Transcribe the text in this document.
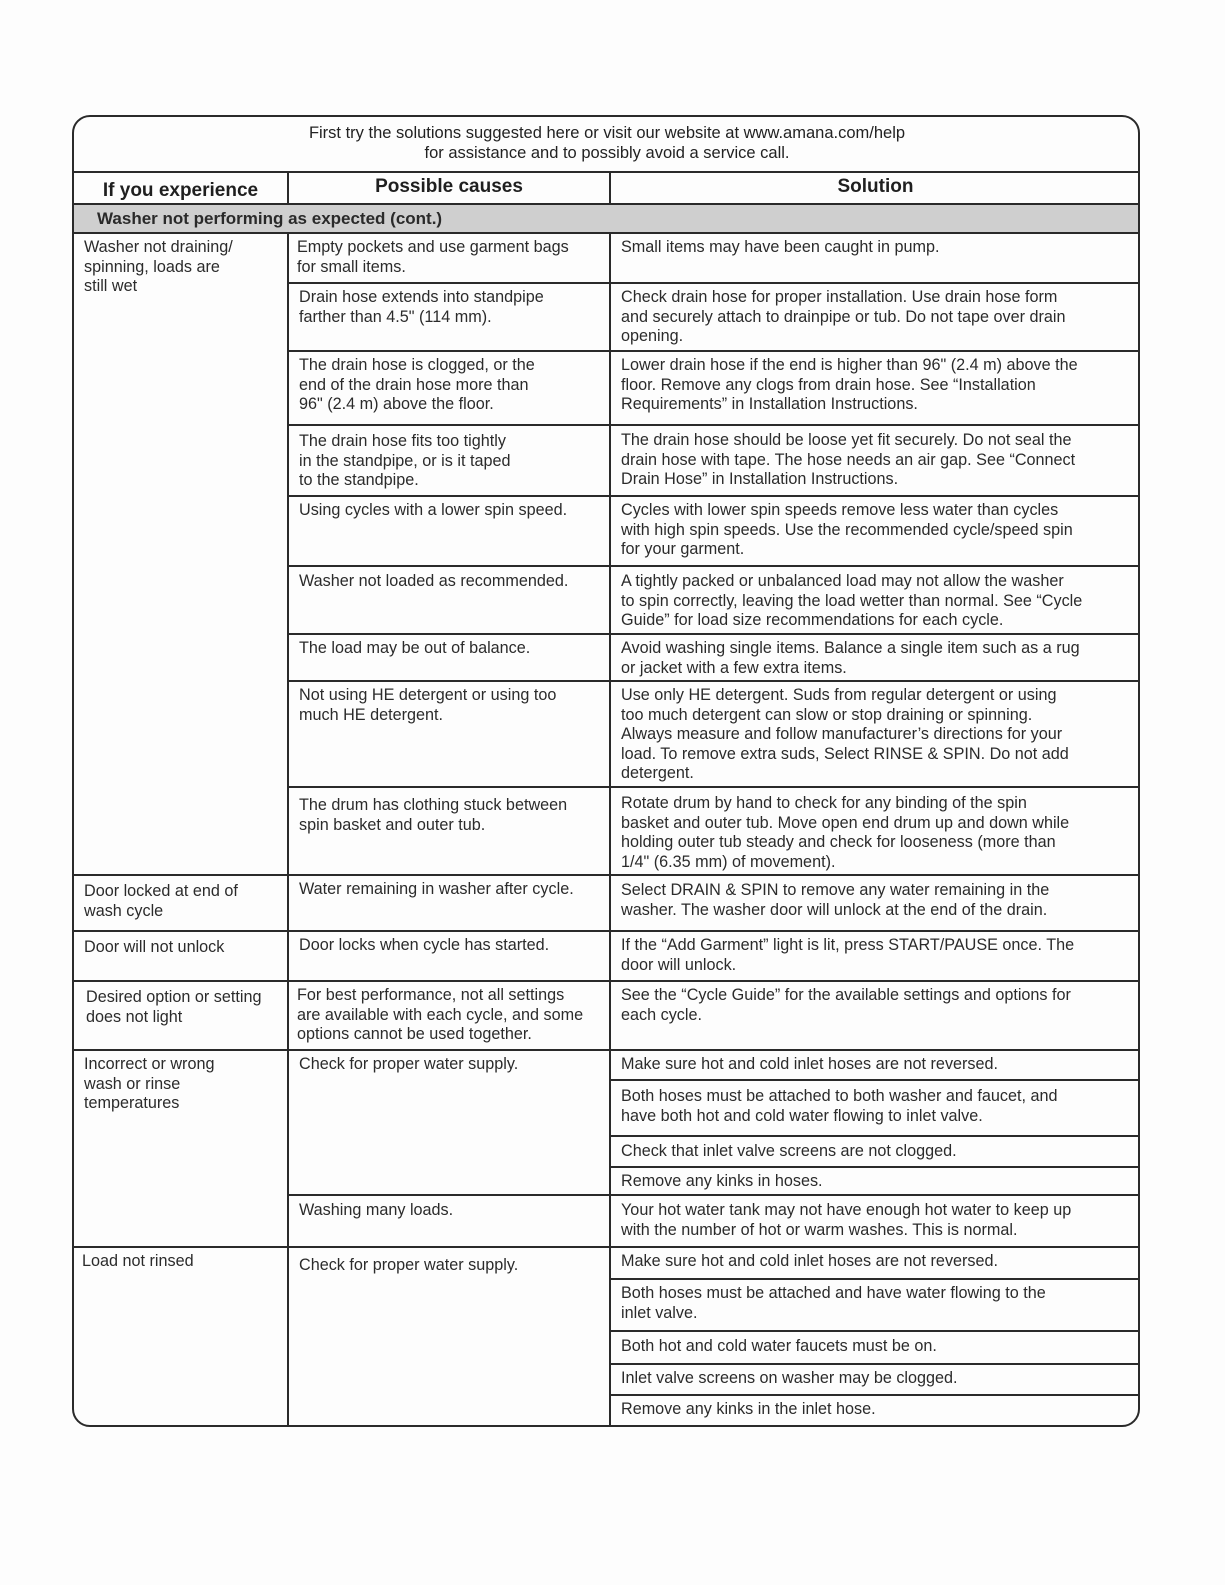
First try the solutions suggested here or visit our website at www.amana.com/help
for assistance and to possibly avoid a service call.
If you experience	Possible causes	Solution
Washer not performing as expected (cont.)
Washer not draining/
spinning, loads are
still wet
Door locked at end of
wash cycle
Door will not unlock
Desired option or setting
does not light
Incorrect or wrong
wash or rinse
temperatures
Load not rinsed
Empty pockets and use garment bags
for small items.
Drain hose extends into standpipe
farther than 4.5" (114 mm).
The drain hose is clogged, or the
end of the drain hose more than
96" (2.4 m) above the floor.
The drain hose fits too tightly
in the standpipe, or is it taped
to the standpipe.
Using cycles with a lower spin speed.
Washer not loaded as recommended.
The load may be out of balance.
Not using HE detergent or using too
much HE detergent.
The drum has clothing stuck between
spin basket and outer tub.
Water remaining in washer after cycle.
Door locks when cycle has started.
For best performance, not all settings
are available with each cycle, and some
options cannot be used together.
Check for proper water supply.
Washing many loads.
Check for proper water supply.
Small items may have been caught in pump.
Check drain hose for proper installation. Use drain hose form
and securely attach to drainpipe or tub. Do not tape over drain
opening.
Lower drain hose if the end is higher than 96" (2.4 m) above the
floor. Remove any clogs from drain hose. See “Installation
Requirements” in Installation Instructions.
The drain hose should be loose yet fit securely. Do not seal the
drain hose with tape. The hose needs an air gap. See “Connect
Drain Hose” in Installation Instructions.
Cycles with lower spin speeds remove less water than cycles
with high spin speeds. Use the recommended cycle/speed spin
for your garment.
A tightly packed or unbalanced load may not allow the washer
to spin correctly, leaving the load wetter than normal. See “Cycle
Guide” for load size recommendations for each cycle.
Avoid washing single items. Balance a single item such as a rug
or jacket with a few extra items.
Use only HE detergent. Suds from regular detergent or using
too much detergent can slow or stop draining or spinning.
Always measure and follow manufacturer’s directions for your
load. To remove extra suds, Select RINSE & SPIN. Do not add
detergent.
Rotate drum by hand to check for any binding of the spin
basket and outer tub. Move open end drum up and down while
holding outer tub steady and check for looseness (more than
1/4" (6.35 mm) of movement).
Select DRAIN & SPIN to remove any water remaining in the
washer. The washer door will unlock at the end of the drain.
If the “Add Garment” light is lit, press START/PAUSE once. The
door will unlock.
See the “Cycle Guide” for the available settings and options for
each cycle.
Make sure hot and cold inlet hoses are not reversed.
Both hoses must be attached to both washer and faucet, and
have both hot and cold water flowing to inlet valve.
Check that inlet valve screens are not clogged.
Remove any kinks in hoses.
Your hot water tank may not have enough hot water to keep up
with the number of hot or warm washes. This is normal.
Make sure hot and cold inlet hoses are not reversed.
Both hoses must be attached and have water flowing to the
inlet valve.
Both hot and cold water faucets must be on.
Inlet valve screens on washer may be clogged.
Remove any kinks in the inlet hose.
